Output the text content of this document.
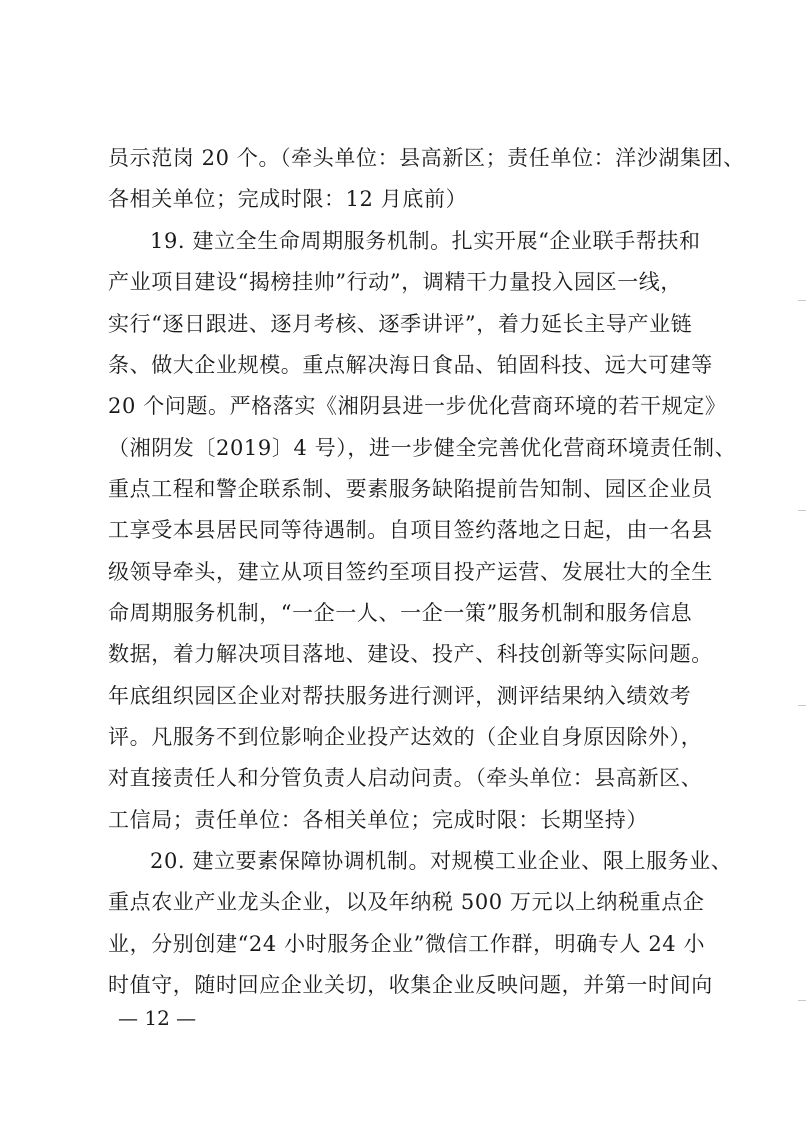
员示范岗 20 个。（牵头单位：县高新区；责任单位：洋沙湖集团、
各相关单位；完成时限：12 月底前）
19. 建立全生命周期服务机制。扎实开展“企业联手帮扶和
产业项目建设“揭榜挂帅”行动”，调精干力量投入园区一线，
实行“逐日跟进、逐月考核、逐季讲评”，着力延长主导产业链
条、做大企业规模。重点解决海日食品、铂固科技、远大可建等
20 个问题。严格落实《湘阴县进一步优化营商环境的若干规定》
（湘阴发〔2019〕4 号），进一步健全完善优化营商环境责任制、
重点工程和警企联系制、要素服务缺陷提前告知制、园区企业员
工享受本县居民同等待遇制。自项目签约落地之日起，由一名县
级领导牵头，建立从项目签约至项目投产运营、发展壮大的全生
命周期服务机制，“一企一人、一企一策”服务机制和服务信息
数据，着力解决项目落地、建设、投产、科技创新等实际问题。
年底组织园区企业对帮扶服务进行测评，测评结果纳入绩效考
评。凡服务不到位影响企业投产达效的（企业自身原因除外），
对直接责任人和分管负责人启动问责。（牵头单位：县高新区、
工信局；责任单位：各相关单位；完成时限：长期坚持）
20. 建立要素保障协调机制。对规模工业企业、限上服务业、
重点农业产业龙头企业，以及年纳税 500 万元以上纳税重点企
业，分别创建“24 小时服务企业”微信工作群，明确专人 24 小
时值守，随时回应企业关切，收集企业反映问题，并第一时间向
— 12 —
